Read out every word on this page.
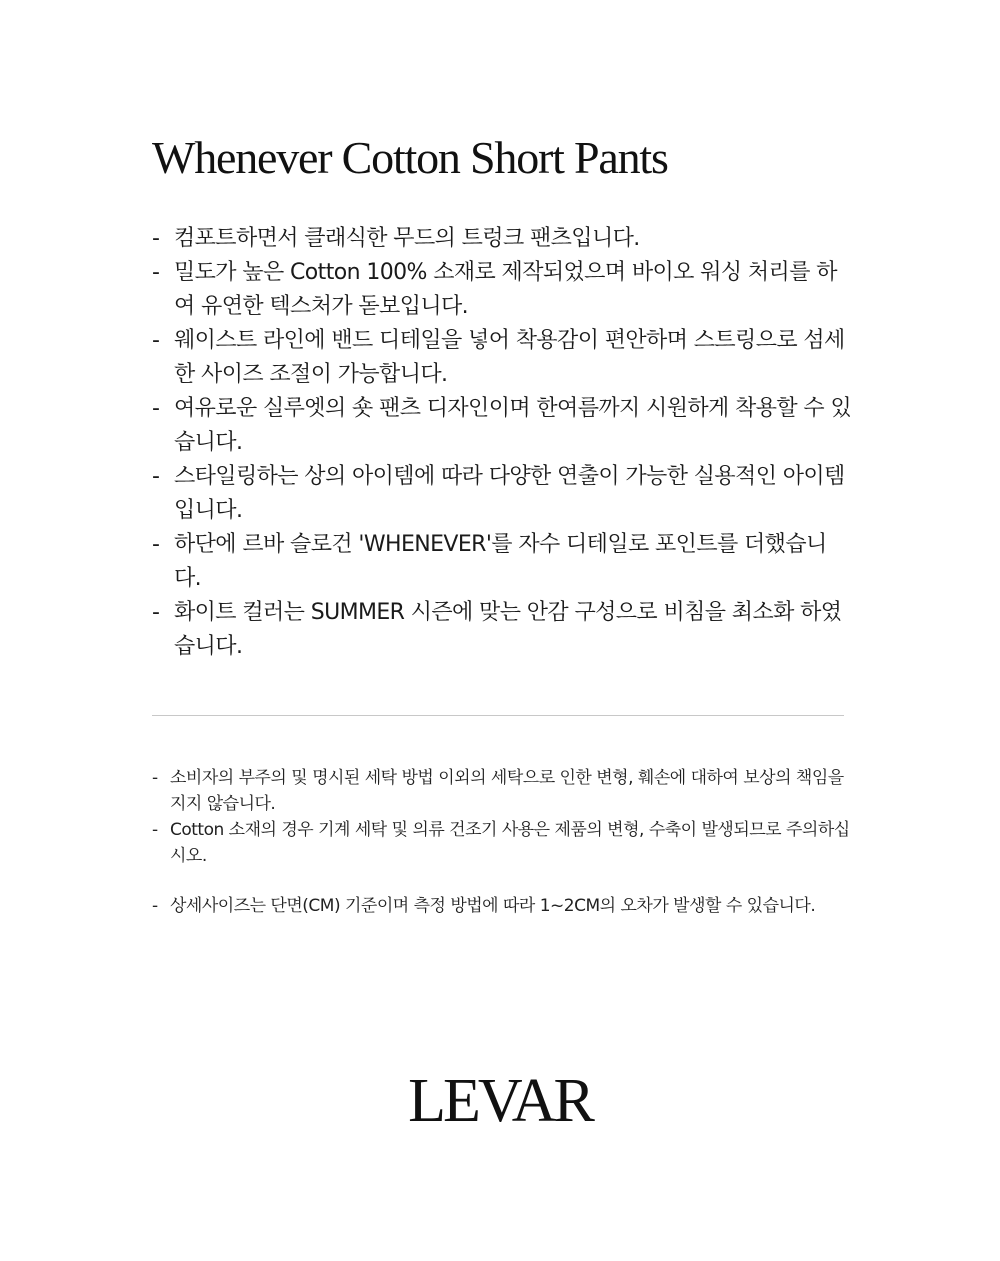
Whenever Cotton Short Pants
- 컴포트하면서 클래식한 무드의 트렁크 팬츠입니다.
- 밀도가 높은 Cotton 100% 소재로 제작되었으며 바이오 워싱 처리를 하여 유연한 텍스처가 돋보입니다.
- 웨이스트 라인에 밴드 디테일을 넣어 착용감이 편안하며 스트링으로 섬세한 사이즈 조절이 가능합니다.
- 여유로운 실루엣의 숏 팬츠 디자인이며 한여름까지 시원하게 착용할 수 있습니다.
- 스타일링하는 상의 아이템에 따라 다양한 연출이 가능한 실용적인 아이템입니다.
- 하단에 르바 슬로건 'WHENEVER'를 자수 디테일로 포인트를 더했습니다.
- 화이트 컬러는 SUMMER 시즌에 맞는 안감 구성으로 비침을 최소화 하였습니다.
- 소비자의 부주의 및 명시된 세탁 방법 이외의 세탁으로 인한 변형, 훼손에 대하여 보상의 책임을 지지 않습니다.
- Cotton 소재의 경우 기계 세탁 및 의류 건조기 사용은 제품의 변형, 수축이 발생되므로 주의하십시오.
- 상세사이즈는 단면(CM) 기준이며 측정 방법에 따라 1~2CM의 오차가 발생할 수 있습니다.
LEVAR
